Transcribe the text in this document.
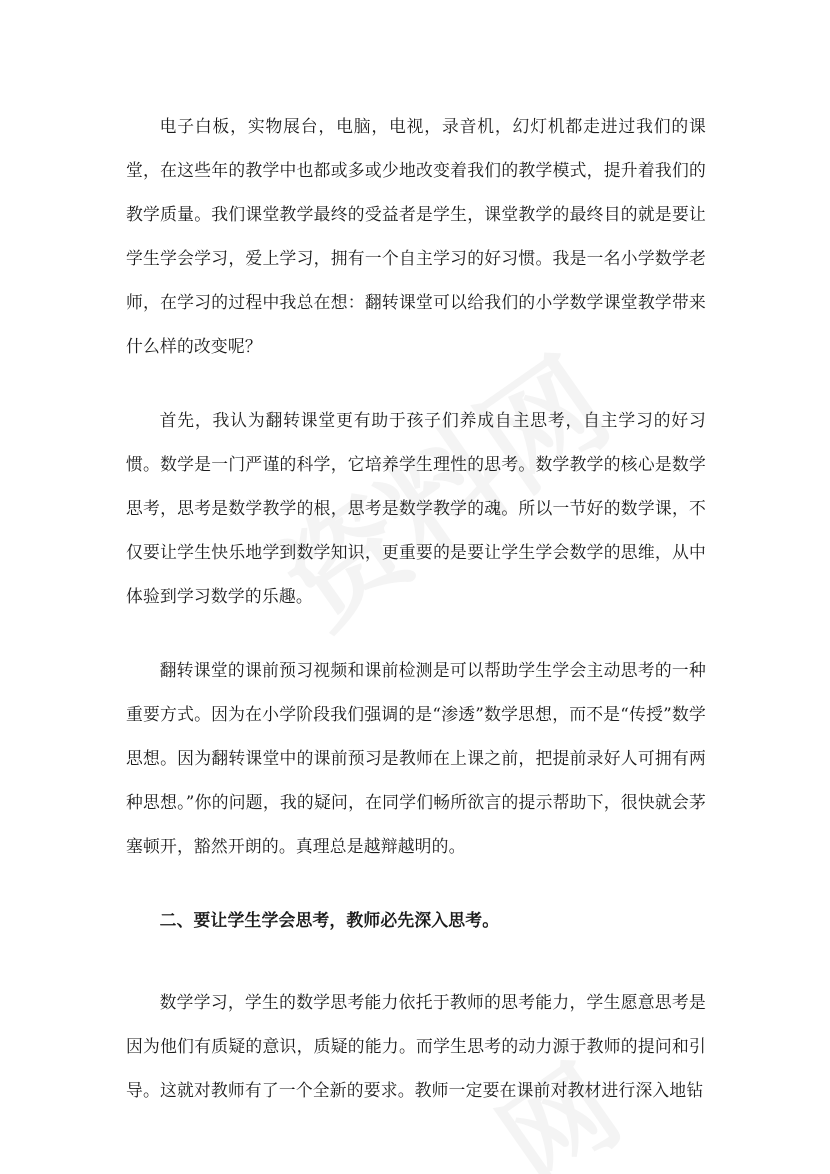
电子白板，实物展台，电脑，电视，录音机，幻灯机都走进过我们的课堂，在这些年的教学中也都或多或少地改变着我们的教学模式，提升着我们的教学质量。我们课堂教学最终的受益者是学生，课堂教学的最终目的就是要让学生学会学习，爱上学习，拥有一个自主学习的好习惯。我是一名小学数学老师，在学习的过程中我总在想：翻转课堂可以给我们的小学数学课堂教学带来什么样的改变呢？

首先，我认为翻转课堂更有助于孩子们养成自主思考，自主学习的好习惯。数学是一门严谨的科学，它培养学生理性的思考。数学教学的核心是数学思考，思考是数学教学的根，思考是数学教学的魂。所以一节好的数学课，不仅要让学生快乐地学到数学知识，更重要的是要让学生学会数学的思维，从中体验到学习数学的乐趣。

翻转课堂的课前预习视频和课前检测是可以帮助学生学会主动思考的一种重要方式。因为在小学阶段我们强调的是“渗透”数学思想，而不是“传授”数学思想。因为翻转课堂中的课前预习是教师在上课之前，把提前录好人可拥有两种思想。”你的问题，我的疑问，在同学们畅所欲言的提示帮助下，很快就会茅塞顿开，豁然开朗的。真理总是越辩越明的。

二、要让学生学会思考，教师必先深入思考。

数学学习，学生的数学思考能力依托于教师的思考能力，学生愿意思考是因为他们有质疑的意识，质疑的能力。而学生思考的动力源于教师的提问和引导。这就对教师有了一个全新的要求。教师一定要在课前对教材进行深入地钻
